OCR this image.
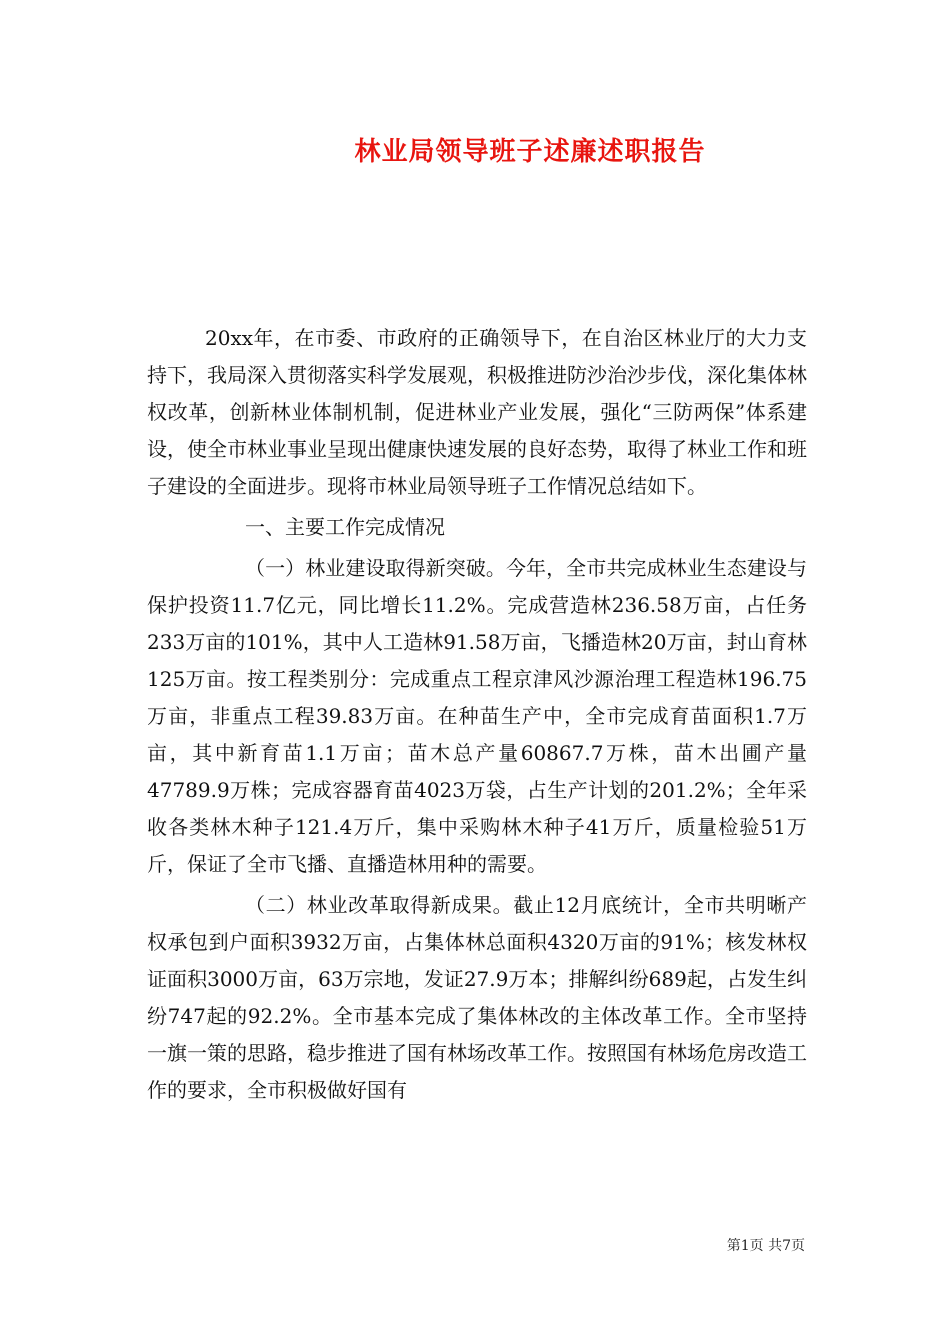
林业局领导班子述廉述职报告

20xx年，在市委、市政府的正确领导下，在自治区林业厅的大力支持下，我局深入贯彻落实科学发展观，积极推进防沙治沙步伐，深化集体林权改革，创新林业体制机制，促进林业产业发展，强化“三防两保”体系建设，使全市林业事业呈现出健康快速发展的良好态势，取得了林业工作和班子建设的全面进步。现将市林业局领导班子工作情况总结如下。

一、主要工作完成情况

（一）林业建设取得新突破。今年，全市共完成林业生态建设与保护投资11.7亿元，同比增长11.2%。完成营造林236.58万亩，占任务233万亩的101%，其中人工造林91.58万亩，飞播造林20万亩，封山育林125万亩。按工程类别分：完成重点工程京津风沙源治理工程造林196.75万亩，非重点工程39.83万亩。在种苗生产中，全市完成育苗面积1.7万亩，其中新育苗1.1万亩；苗木总产量60867.7万株，苗木出圃产量47789.9万株；完成容器育苗4023万袋，占生产计划的201.2%；全年采收各类林木种子121.4万斤，集中采购林木种子41万斤，质量检验51万斤，保证了全市飞播、直播造林用种的需要。

（二）林业改革取得新成果。截止12月底统计，全市共明晰产权承包到户面积3932万亩，占集体林总面积4320万亩的91%；核发林权证面积3000万亩，63万宗地，发证27.9万本；排解纠纷689起，占发生纠纷747起的92.2%。全市基本完成了集体林改的主体改革工作。全市坚持一旗一策的思路，稳步推进了国有林场改革工作。按照国有林场危房改造工作的要求，全市积极做好国有

第1页 共7页
